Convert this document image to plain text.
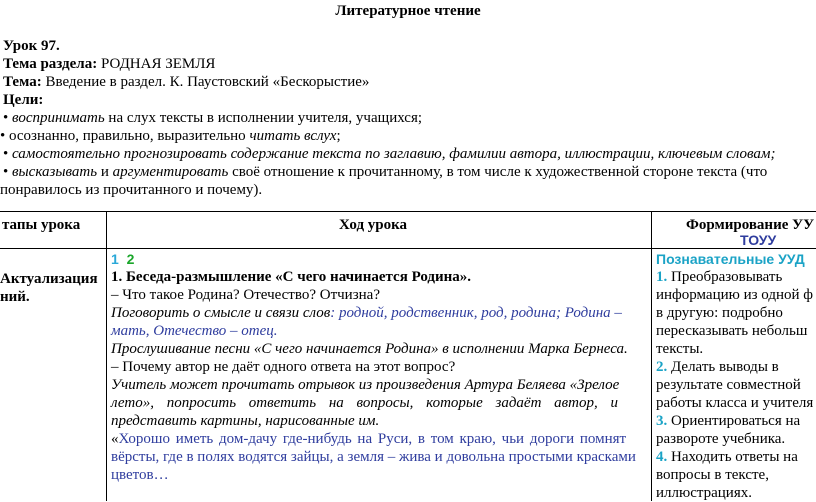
Литературное чтение
Урок 97.
Тема раздела: РОДНАЯ ЗЕМЛЯ
Тема: Введение в раздел. К. Паустовский «Бескорыстие»
Цели:
• воспринимать на слух тексты в исполнении учителя, учащихся;
• осознанно, правильно, выразительно читать вслух;
• самостоятельно прогнозировать содержание текста по заглавию, фамилии автора, иллюстрации, ключевым словам;
• высказывать и аргументировать своё отношение к прочитанному, в том числе к художественной стороне текста (что
понравилось из прочитанного и почему).
тапы урока	Ход урока	Формирование УУ
ТОУУ
Актуализация
ний.
1 2
1. Беседа-размышление «С чего начинается Родина».
– Что такое Родина? Отечество? Отчизна?
Поговорить о смысле и связи слов: родной, родственник, род, родина; Родина –
мать, Отечество – отец.
Прослушивание песни «С чего начинается Родина» в исполнении Марка Бернеса.
– Почему автор не даёт одного ответа на этот вопрос?
Учитель может прочитать отрывок из произведения Артура Беляева «Зрелое
лето», попросить ответить на вопросы, которые задаёт автор, и
представить картины, нарисованные им.
«Хорошо иметь дом-дачу где-нибудь на Руси, в том краю, чьи дороги помнят
вёрсты, где в полях водятся зайцы, а земля – жива и довольна простыми красками
цветов…
Познавательные УУД
1. Преобразовывать
информацию из одной ф
в другую: подробно
пересказывать небольш
тексты.
2. Делать выводы в
результате совместной
работы класса и учителя
3. Ориентироваться на
развороте учебника.
4. Находить ответы на
вопросы в тексте,
иллюстрациях.
